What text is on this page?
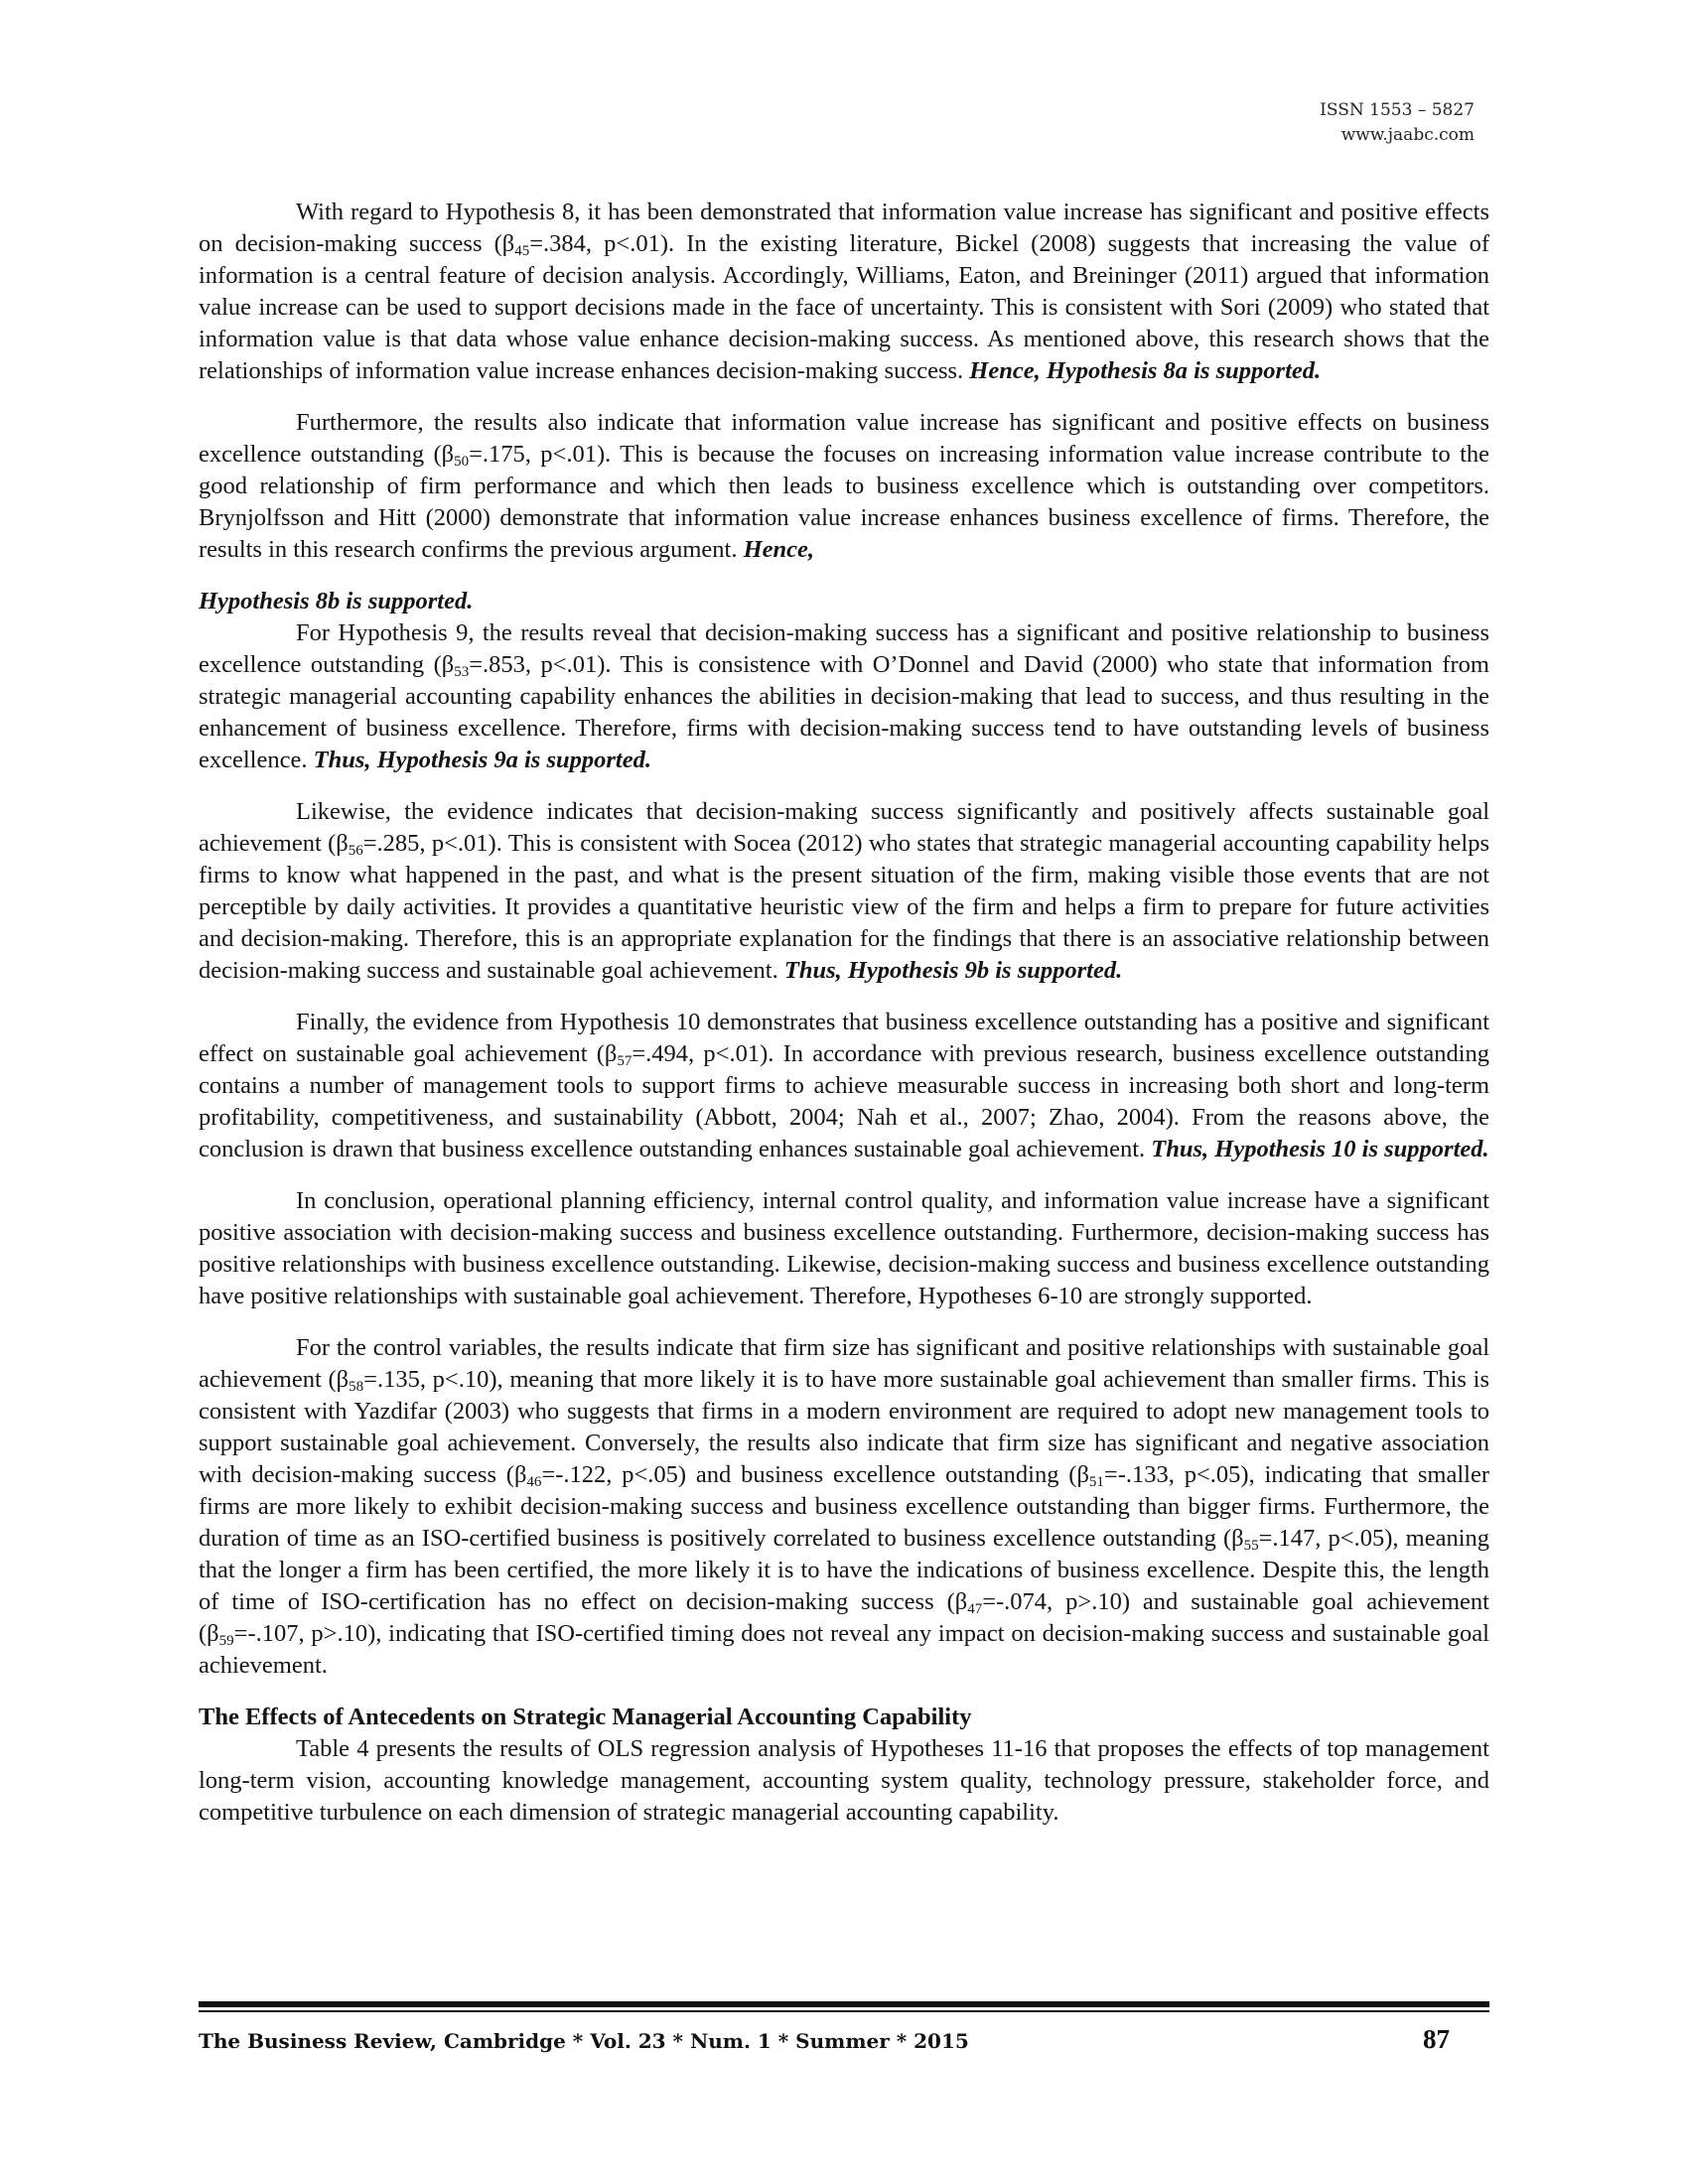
ISSN 1553 – 5827
www.jaabc.com

With regard to Hypothesis 8, it has been demonstrated that information value increase has significant and positive effects on decision-making success ($\beta_{45}=.384$, p<.01). In the existing literature, Bickel (2008) suggests that increasing the value of information is a central feature of decision analysis. Accordingly, Williams, Eaton, and Breininger (2011) argued that information value increase can be used to support decisions made in the face of uncertainty. This is consistent with Sori (2009) who stated that information value is that data whose value enhance decision-making success. As mentioned above, this research shows that the relationships of information value increase enhances decision-making success. Hence, Hypothesis 8a is supported.

Furthermore, the results also indicate that information value increase has significant and positive effects on business excellence outstanding ($\beta_{50}=.175$, p<.01). This is because the focuses on increasing information value increase contribute to the good relationship of firm performance and which then leads to business excellence which is outstanding over competitors. Brynjolfsson and Hitt (2000) demonstrate that information value increase enhances business excellence of firms. Therefore, the results in this research confirms the previous argument. Hence,

Hypothesis 8b is supported.

For Hypothesis 9, the results reveal that decision-making success has a significant and positive relationship to business excellence outstanding ($\beta_{53}=.853$, p<.01). This is consistence with O’Donnel and David (2000) who state that information from strategic managerial accounting capability enhances the abilities in decision-making that lead to success, and thus resulting in the enhancement of business excellence. Therefore, firms with decision-making success tend to have outstanding levels of business excellence. Thus, Hypothesis 9a is supported.

Likewise, the evidence indicates that decision-making success significantly and positively affects sustainable goal achievement ($\beta_{56}=.285$, p<.01). This is consistent with Socea (2012) who states that strategic managerial accounting capability helps firms to know what happened in the past, and what is the present situation of the firm, making visible those events that are not perceptible by daily activities. It provides a quantitative heuristic view of the firm and helps a firm to prepare for future activities and decision-making. Therefore, this is an appropriate explanation for the findings that there is an associative relationship between decision-making success and sustainable goal achievement. Thus, Hypothesis 9b is supported.

Finally, the evidence from Hypothesis 10 demonstrates that business excellence outstanding has a positive and significant effect on sustainable goal achievement ($\beta_{57}=.494$, p<.01). In accordance with previous research, business excellence outstanding contains a number of management tools to support firms to achieve measurable success in increasing both short and long-term profitability, competitiveness, and sustainability (Abbott, 2004; Nah et al., 2007; Zhao, 2004). From the reasons above, the conclusion is drawn that business excellence outstanding enhances sustainable goal achievement. Thus, Hypothesis 10 is supported.

In conclusion, operational planning efficiency, internal control quality, and information value increase have a significant positive association with decision-making success and business excellence outstanding. Furthermore, decision-making success has positive relationships with business excellence outstanding. Likewise, decision-making success and business excellence outstanding have positive relationships with sustainable goal achievement. Therefore, Hypotheses 6-10 are strongly supported.

For the control variables, the results indicate that firm size has significant and positive relationships with sustainable goal achievement ($\beta_{58}=.135$, p<.10), meaning that more likely it is to have more sustainable goal achievement than smaller firms. This is consistent with Yazdifar (2003) who suggests that firms in a modern environment are required to adopt new management tools to support sustainable goal achievement. Conversely, the results also indicate that firm size has significant and negative association with decision-making success ($\beta_{46}=-.122$, p<.05) and business excellence outstanding ($\beta_{51}=-.133$, p<.05), indicating that smaller firms are more likely to exhibit decision-making success and business excellence outstanding than bigger firms. Furthermore, the duration of time as an ISO-certified business is positively correlated to business excellence outstanding ($\beta_{55}=.147$, p<.05), meaning that the longer a firm has been certified, the more likely it is to have the indications of business excellence. Despite this, the length of time of ISO-certification has no effect on decision-making success ($\beta_{47}=-.074$, p>.10) and sustainable goal achievement ($\beta_{59}=-.107$, p>.10), indicating that ISO-certified timing does not reveal any impact on decision-making success and sustainable goal achievement.

The Effects of Antecedents on Strategic Managerial Accounting Capability

Table 4 presents the results of OLS regression analysis of Hypotheses 11-16 that proposes the effects of top management long-term vision, accounting knowledge management, accounting system quality, technology pressure, stakeholder force, and competitive turbulence on each dimension of strategic managerial accounting capability.

The Business Review, Cambridge * Vol. 23 * Num. 1 * Summer * 2015	87
